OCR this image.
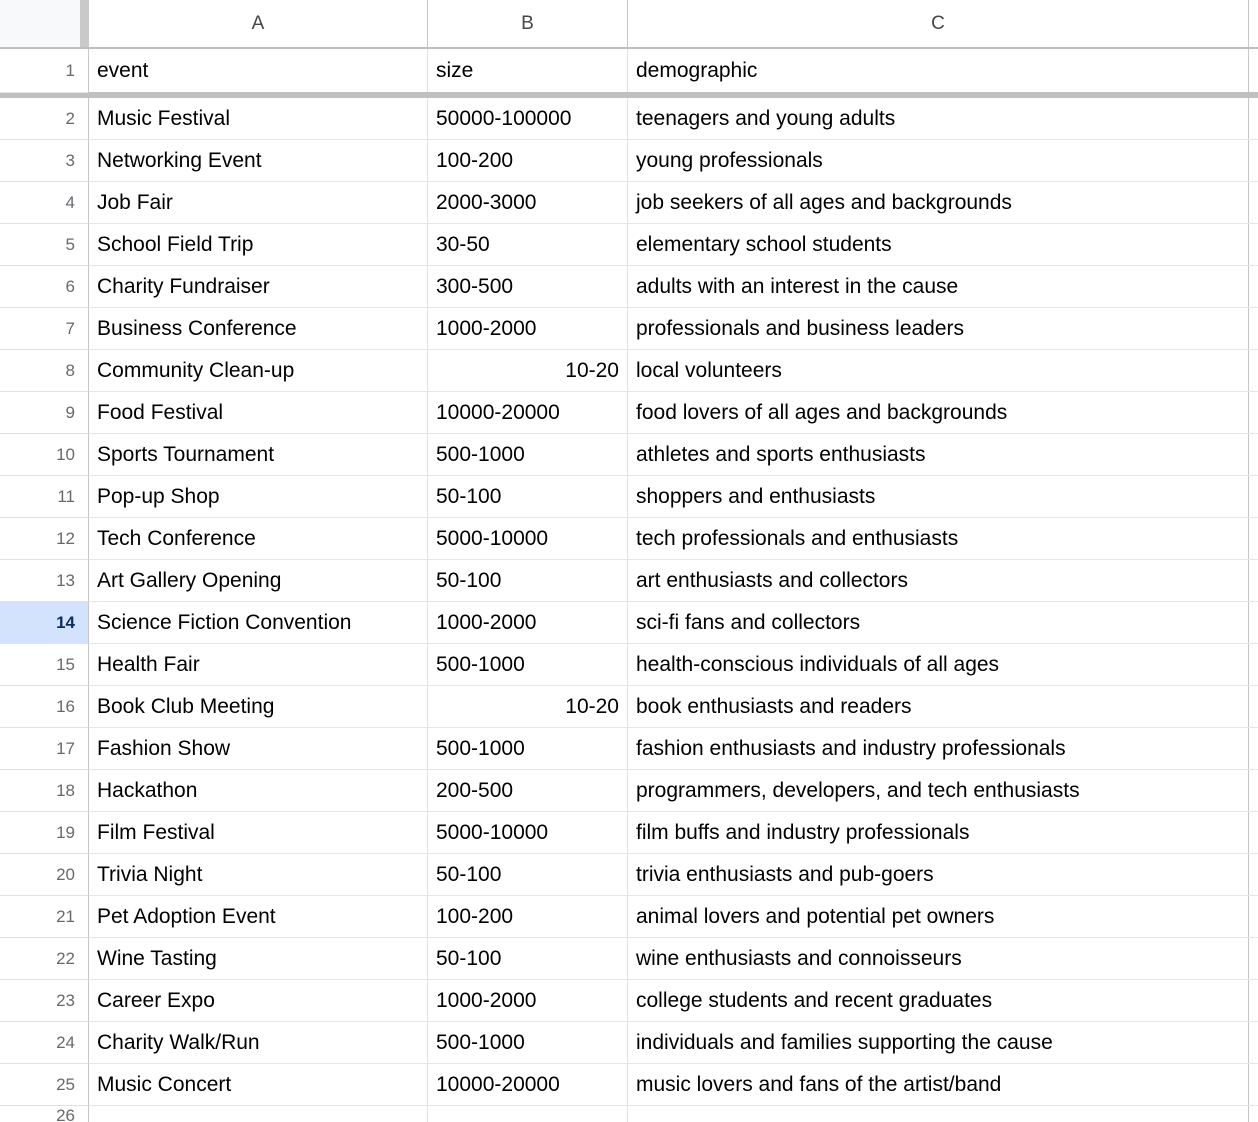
A	B	C
1	event	size	demographic
2	Music Festival	50000-100000	teenagers and young adults
3	Networking Event	100-200	young professionals
4	Job Fair	2000-3000	job seekers of all ages and backgrounds
5	School Field Trip	30-50	elementary school students
6	Charity Fundraiser	300-500	adults with an interest in the cause
7	Business Conference	1000-2000	professionals and business leaders
8	Community Clean-up	10-20 local volunteers
9	Food Festival	10000-20000	food lovers of all ages and backgrounds
10	Sports Tournament	500-1000	athletes and sports enthusiasts
11	Pop-up Shop	50-100	shoppers and enthusiasts
12	Tech Conference	5000-10000	tech professionals and enthusiasts
13	Art Gallery Opening	50-100	art enthusiasts and collectors
14	Science Fiction Convention	1000-2000	sci-fi fans and collectors
15	Health Fair	500-1000	health-conscious individuals of all ages
16	Book Club Meeting	10-20 book enthusiasts and readers
17	Fashion Show	500-1000	fashion enthusiasts and industry professionals
18	Hackathon	200-500	programmers, developers, and tech enthusiasts
19	Film Festival	5000-10000	film buffs and industry professionals
20	Trivia Night	50-100	trivia enthusiasts and pub-goers
21	Pet Adoption Event	100-200	animal lovers and potential pet owners
22	Wine Tasting	50-100	wine enthusiasts and connoisseurs
23	Career Expo	1000-2000	college students and recent graduates
24	Charity Walk/Run	500-1000	individuals and families supporting the cause
25	Music Concert	10000-20000	music lovers and fans of the artist/band
26
